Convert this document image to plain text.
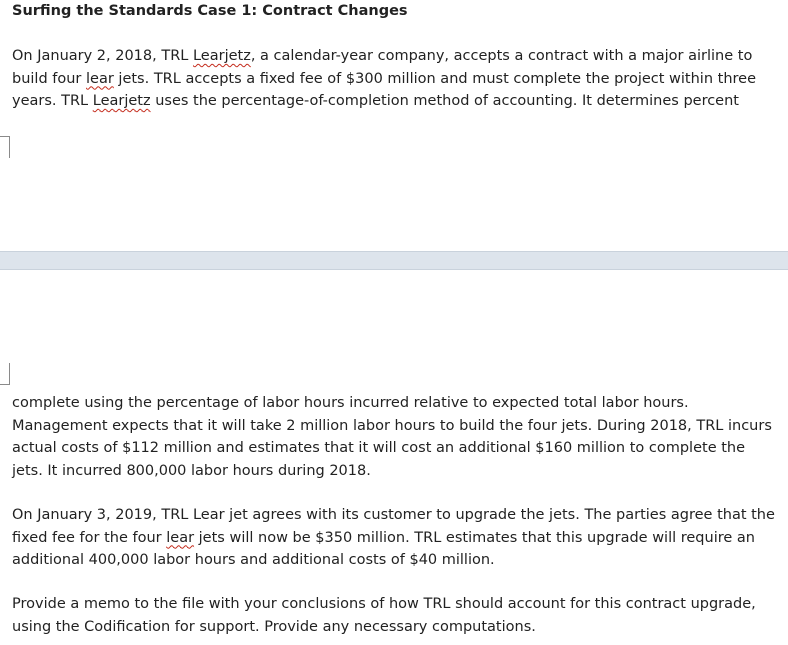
Surfing the Standards Case 1: Contract Changes
On January 2, 2018, TRL Learjetz, a calendar-year company, accepts a contract with a major airline to
build four lear jets. TRL accepts a fixed fee of $300 million and must complete the project within three
years. TRL Learjetz uses the percentage-of-completion method of accounting. It determines percent
complete using the percentage of labor hours incurred relative to expected total labor hours.
Management expects that it will take 2 million labor hours to build the four jets. During 2018, TRL incurs
actual costs of $112 million and estimates that it will cost an additional $160 million to complete the
jets. It incurred 800,000 labor hours during 2018.
On January 3, 2019, TRL Lear jet agrees with its customer to upgrade the jets. The parties agree that the
fixed fee for the four lear jets will now be $350 million. TRL estimates that this upgrade will require an
additional 400,000 labor hours and additional costs of $40 million.
Provide a memo to the file with your conclusions of how TRL should account for this contract upgrade,
using the Codification for support. Provide any necessary computations.
